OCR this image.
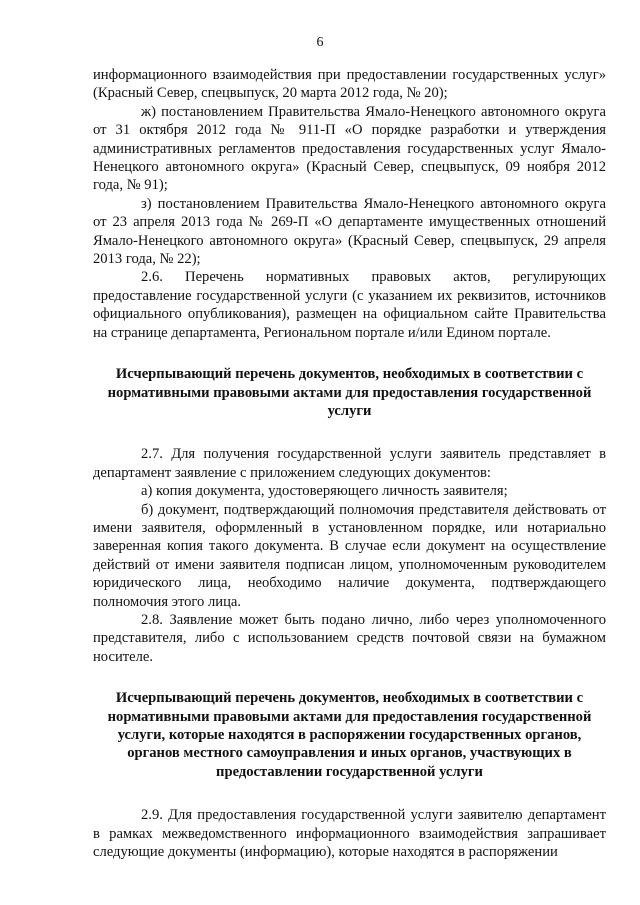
6

информационного взаимодействия при предоставлении государственных услуг» (Красный Север, спецвыпуск, 20 марта 2012 года, № 20);

ж) постановлением Правительства Ямало-Ненецкого автономного округа от 31 октября 2012 года № 911-П «О порядке разработки и утверждения административных регламентов предоставления государственных услуг Ямало-Ненецкого автономного округа» (Красный Север, спецвыпуск, 09 ноября 2012 года, № 91);

з) постановлением Правительства Ямало-Ненецкого автономного округа от 23 апреля 2013 года № 269-П «О департаменте имущественных отношений Ямало-Ненецкого автономного округа» (Красный Север, спецвыпуск, 29 апреля 2013 года, № 22);

2.6. Перечень нормативных правовых актов, регулирующих предоставление государственной услуги (с указанием их реквизитов, источников официального опубликования), размещен на официальном сайте Правительства на странице департамента, Региональном портале и/или Едином портале.

Исчерпывающий перечень документов, необходимых в соответствии с нормативными правовыми актами для предоставления государственной услуги

2.7. Для получения государственной услуги заявитель представляет в департамент заявление с приложением следующих документов:

а) копия документа, удостоверяющего личность заявителя;

б) документ, подтверждающий полномочия представителя действовать от имени заявителя, оформленный в установленном порядке, или нотариально заверенная копия такого документа. В случае если документ на осуществление действий от имени заявителя подписан лицом, уполномоченным руководителем юридического лица, необходимо наличие документа, подтверждающего полномочия этого лица.

2.8. Заявление может быть подано лично, либо через уполномоченного представителя, либо с использованием средств почтовой связи на бумажном носителе.

Исчерпывающий перечень документов, необходимых в соответствии с нормативными правовыми актами для предоставления государственной услуги, которые находятся в распоряжении государственных органов, органов местного самоуправления и иных органов, участвующих в предоставлении государственной услуги

2.9. Для предоставления государственной услуги заявителю департамент в рамках межведомственного информационного взаимодействия запрашивает следующие документы (информацию), которые находятся в распоряжении
